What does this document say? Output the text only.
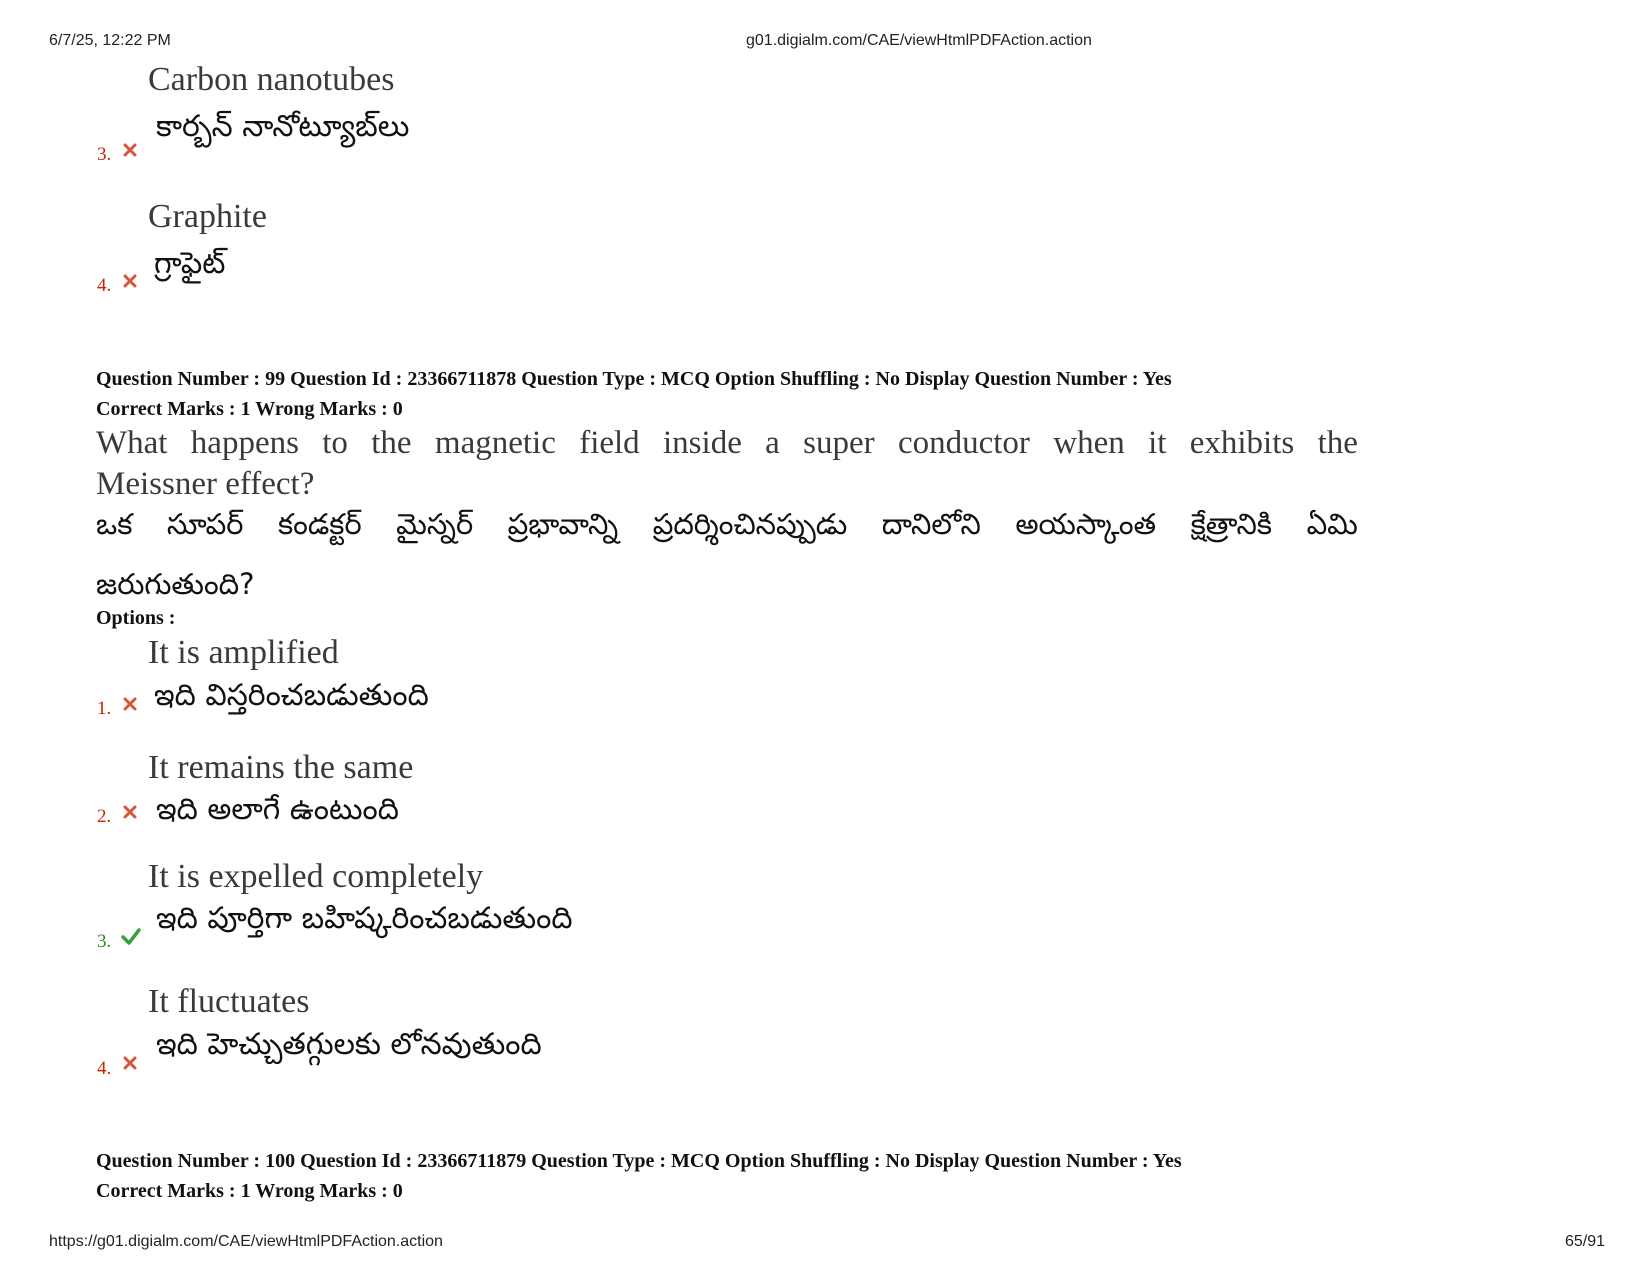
6/7/25, 12:22 PM	g01.digialm.com/CAE/viewHtmlPDFAction.action
Carbon nanotubes
కార్బన్ నానోట్యూబ్‌లు
3.
Graphite
గ్రాఫైట్
4.
Question Number : 99 Question Id : 23366711878 Question Type : MCQ Option Shuffling : No Display Question Number : Yes
Correct Marks : 1 Wrong Marks : 0
What happens to the magnetic field inside a super conductor when it exhibits the
Meissner effect?
ఒక సూపర్ కండక్టర్ మైస్నర్ ప్రభావాన్ని ప్రదర్శించినప్పుడు దానిలోని అయస్కాంత క్షేత్రానికి ఏమి
జరుగుతుంది?
Options :
It is amplified
ఇది విస్తరించబడుతుంది
1.
It remains the same
ఇది అలాగే ఉంటుంది
2.
It is expelled completely
ఇది పూర్తిగా బహిష్కరించబడుతుంది
3.
It fluctuates
ఇది హెచ్చుతగ్గులకు లోనవుతుంది
4.
Question Number : 100 Question Id : 23366711879 Question Type : MCQ Option Shuffling : No Display Question Number : Yes
Correct Marks : 1 Wrong Marks : 0
https://g01.digialm.com/CAE/viewHtmlPDFAction.action	65/91
